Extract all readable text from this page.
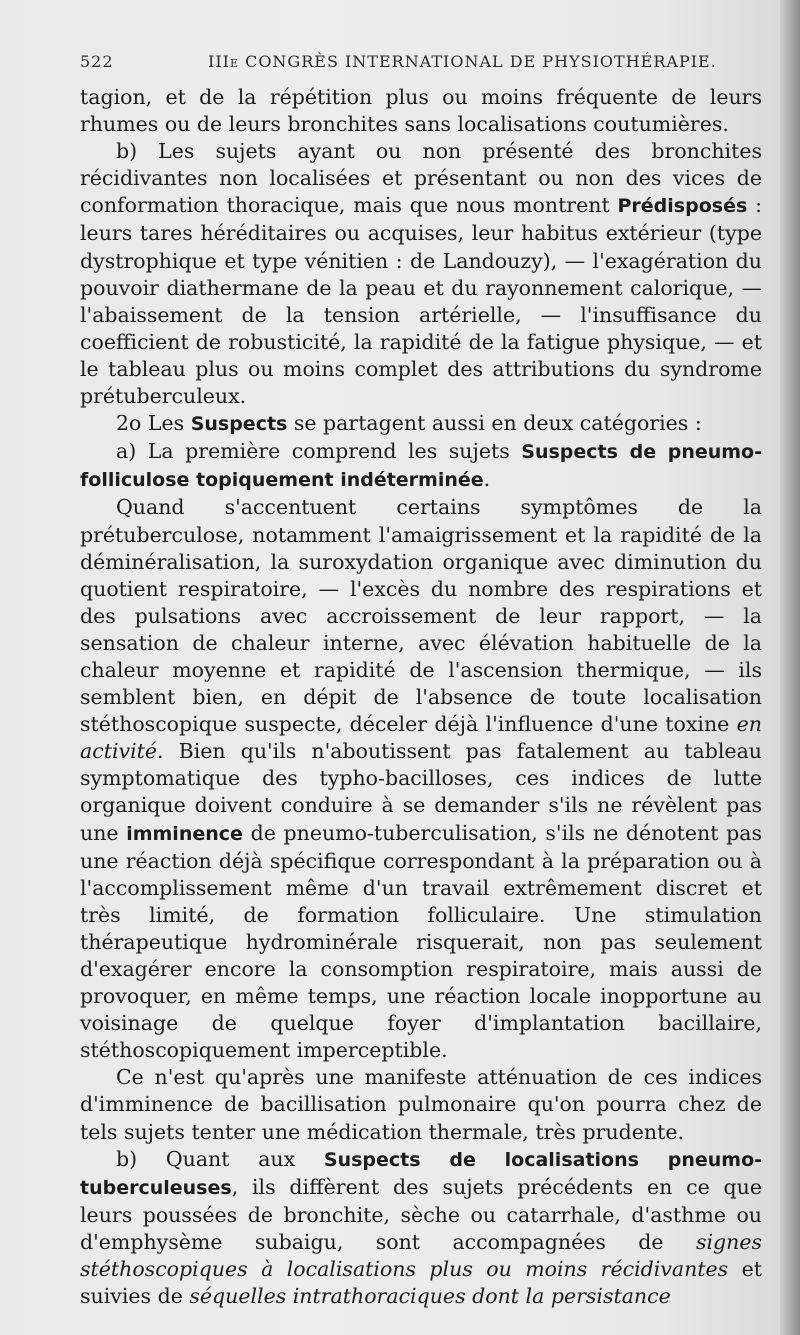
522	IIIe CONGRÈS INTERNATIONAL DE PHYSIOTHÉRAPIE.

tagion, et de la répétition plus ou moins fréquente de leurs rhumes ou de leurs bronchites sans localisations coutumières.

b) Les sujets ayant ou non présenté des bronchites récidivantes non localisées et présentant ou non des vices de conformation thoracique, mais que nous montrent Prédisposés : leurs tares héréditaires ou acquises, leur habitus extérieur (type dystrophique et type vénitien : de Landouzy), — l'exagération du pouvoir diathermane de la peau et du rayonnement calorique, — l'abaissement de la tension artérielle, — l'insuffisance du coefficient de robusticité, la rapidité de la fatigue physique, — et le tableau plus ou moins complet des attributions du syndrome prétuberculeux.

2o Les Suspects se partagent aussi en deux catégories :

a) La première comprend les sujets Suspects de pneumo-folliculose topiquement indéterminée.

Quand s'accentuent certains symptômes de la prétuberculose, notamment l'amaigrissement et la rapidité de la déminéralisation, la suroxydation organique avec diminution du quotient respiratoire, — l'excès du nombre des respirations et des pulsations avec accroissement de leur rapport, — la sensation de chaleur interne, avec élévation habituelle de la chaleur moyenne et rapidité de l'ascension thermique, — ils semblent bien, en dépit de l'absence de toute localisation stéthoscopique suspecte, déceler déjà l'influence d'une toxine en activité. Bien qu'ils n'aboutissent pas fatalement au tableau symptomatique des typho-bacilloses, ces indices de lutte organique doivent conduire à se demander s'ils ne révèlent pas une imminence de pneumo-tuberculisation, s'ils ne dénotent pas une réaction déjà spécifique correspondant à la préparation ou à l'accomplissement même d'un travail extrêmement discret et très limité, de formation folliculaire. Une stimulation thérapeutique hydrominérale risquerait, non pas seulement d'exagérer encore la consomption respiratoire, mais aussi de provoquer, en même temps, une réaction locale inopportune au voisinage de quelque foyer d'implantation bacillaire, stéthoscopiquement imperceptible.

Ce n'est qu'après une manifeste atténuation de ces indices d'imminence de bacillisation pulmonaire qu'on pourra chez de tels sujets tenter une médication thermale, très prudente.

b) Quant aux Suspects de localisations pneumo-tuberculeuses, ils diffèrent des sujets précédents en ce que leurs poussées de bronchite, sèche ou catarrhale, d'asthme ou d'emphysème subaigu, sont accompagnées de signes stéthoscopiques à localisations plus ou moins récidivantes et suivies de séquelles intrathoraciques dont la persistance
